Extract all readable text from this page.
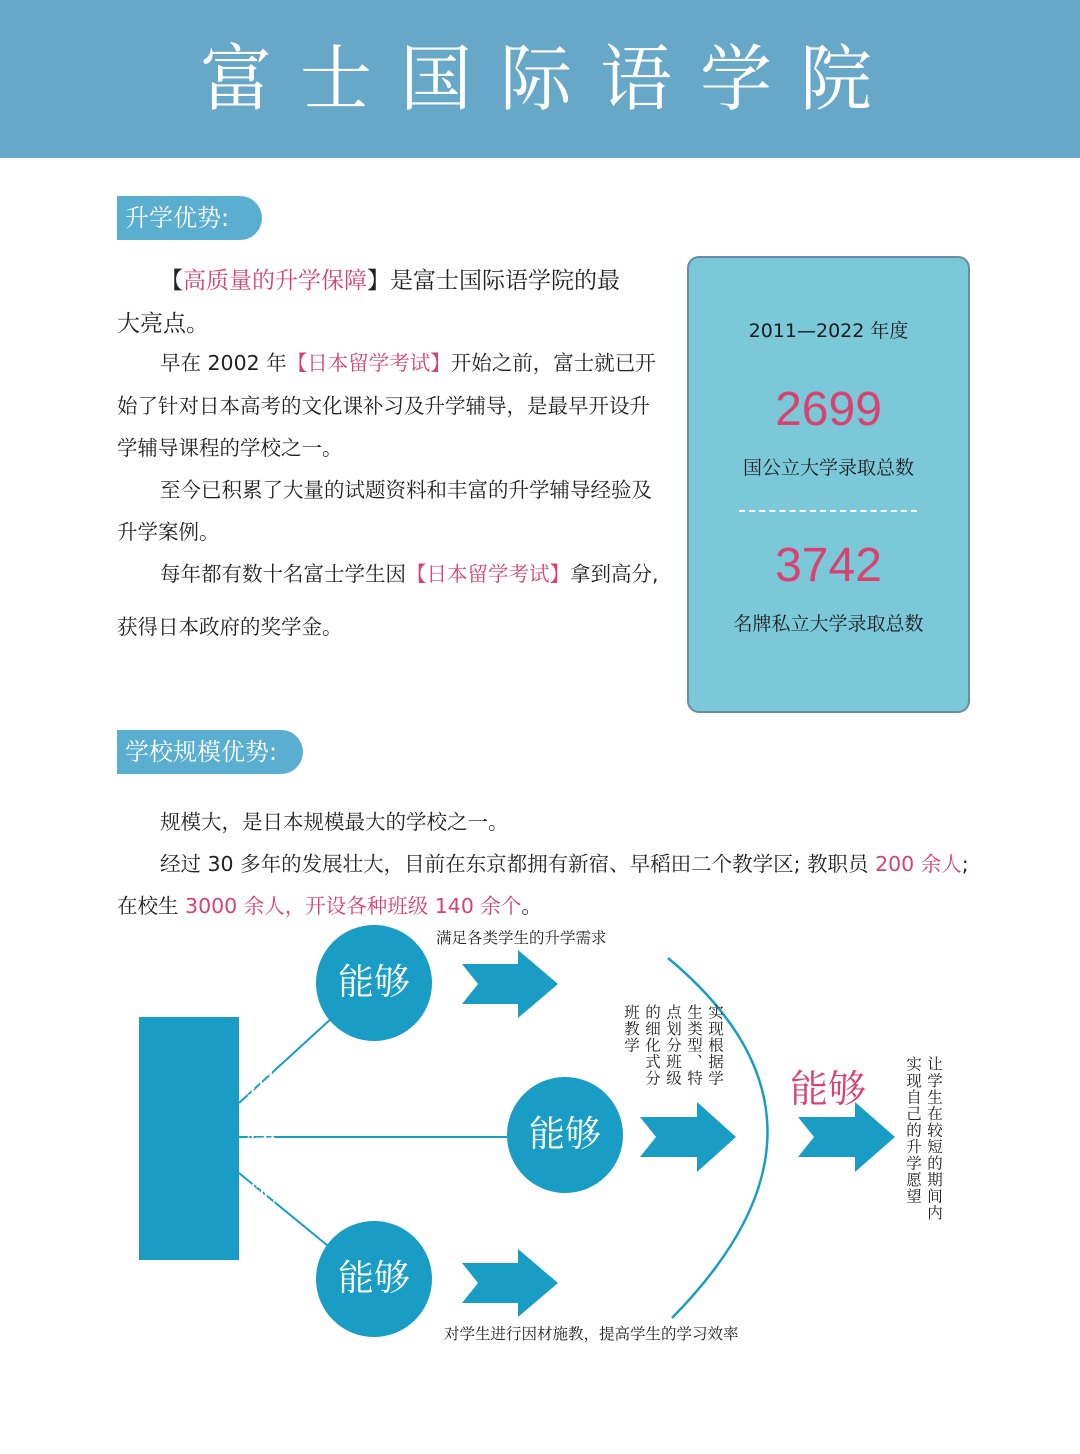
富士国际语学院
升学优势:
【高质量的升学保障】是富士国际语学院的最
大亮点。
早在 2002 年【日本留学考试】开始之前，富士就已开
始了针对日本高考的文化课补习及升学辅导，是最早开设升
学辅导课程的学校之一。
至今已积累了大量的试题资料和丰富的升学辅导经验及
升学案例。
每年都有数十名富士学生因【日本留学考试】拿到高分,
获得日本政府的奖学金。
2011—2022 年度
2699
国公立大学录取总数
3742
名牌私立大学录取总数
学校规模优势:
规模大，是日本规模最大的学校之一。
经过 30 多年的发展壮大，目前在东京都拥有新宿、早稻田二个教学区; 教职员 200 余人;
在校生 3000 余人，开设各种班级 140 余个。
利用规模化优势
能够
能够
能够
满足各类学生的升学需求
对学生进行因材施教，提高学生的学习效率
实现根据学生类型、特点划分班级的细化式分班教学
能够	让学生在较短的期间内实现自己的升学愿望
